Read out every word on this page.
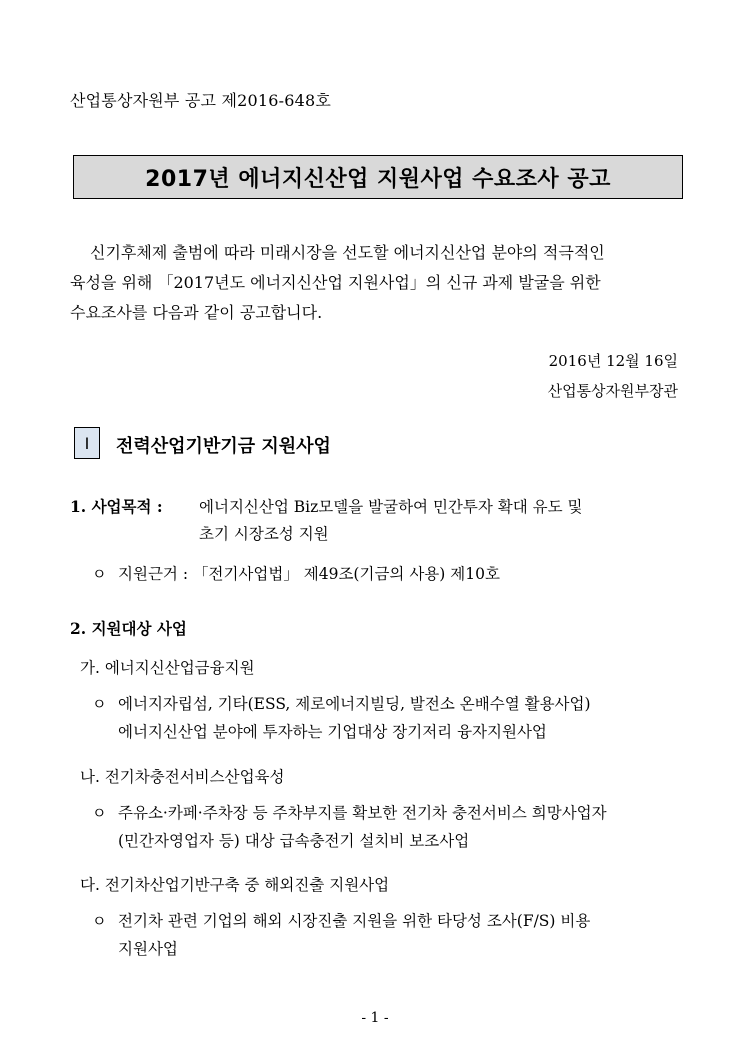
산업통상자원부 공고 제2016-648호
2017년 에너지신산업 지원사업 수요조사 공고
신기후체제 출범에 따라 미래시장을 선도할 에너지신산업 분야의 적극적인
육성을 위해 「2017년도 에너지신산업 지원사업」의 신규 과제 발굴을 위한
수요조사를 다음과 같이 공고합니다.
2016년 12월 16일
산업통상자원부장관
Ⅰ 전력산업기반기금 지원사업
1. 사업목적 : 에너지신산업 Biz모델을 발굴하여 민간투자 확대 유도 및
초기 시장조성 지원
ㅇ 지원근거 : 「전기사업법」 제49조(기금의 사용) 제10호
2. 지원대상 사업
가. 에너지신산업금융지원
ㅇ 에너지자립섬, 기타(ESS, 제로에너지빌딩, 발전소 온배수열 활용사업)
에너지신산업 분야에 투자하는 기업대상 장기저리 융자지원사업
나. 전기차충전서비스산업육성
ㅇ 주유소·카페·주차장 등 주차부지를 확보한 전기차 충전서비스 희망사업자
(민간자영업자 등) 대상 급속충전기 설치비 보조사업
다. 전기차산업기반구축 중 해외진출 지원사업
ㅇ 전기차 관련 기업의 해외 시장진출 지원을 위한 타당성 조사(F/S) 비용
지원사업
- 1 -
